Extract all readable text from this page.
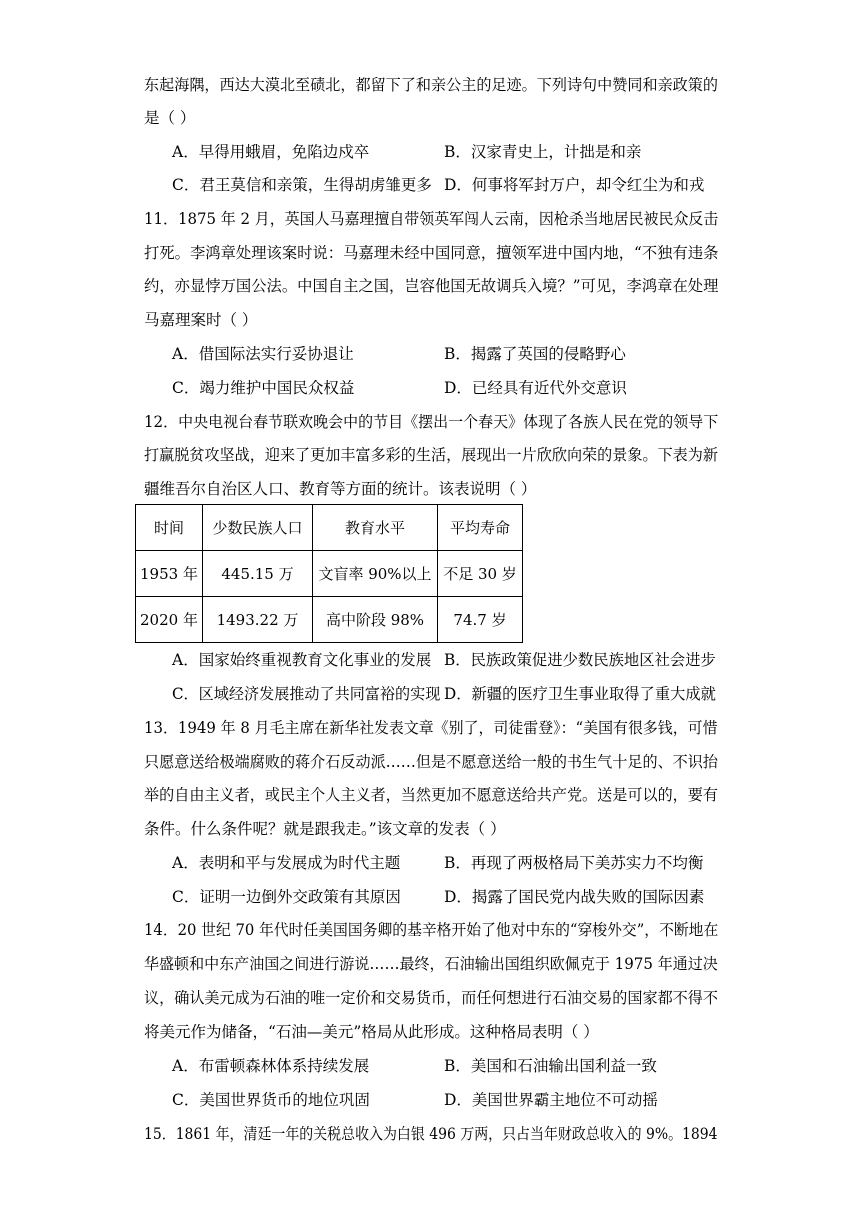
东起海隅，西达大漠北至碛北，都留下了和亲公主的足迹。下列诗句中赞同和亲政策的
是（ ）
A．早得用蛾眉，免陷边戍卒	B．汉家青史上，计拙是和亲
C．君王莫信和亲策，生得胡虏雏更多 D．何事将军封万户，却令红尘为和戎
11．1875 年 2 月，英国人马嘉理擅自带领英军闯人云南，因枪杀当地居民被民众反击
打死。李鸿章处理该案时说：马嘉理未经中国同意，擅领军进中国内地，“不独有违条
约，亦显悖万国公法。中国自主之国，岂容他国无故调兵入境？”可见，李鸿章在处理
马嘉理案时（ ）
A．借国际法实行妥协退让	B．揭露了英国的侵略野心
C．竭力维护中国民众权益	D．已经具有近代外交意识
12．中央电视台春节联欢晚会中的节目《摆出一个春天》体现了各族人民在党的领导下
打赢脱贫攻坚战，迎来了更加丰富多彩的生活，展现出一片欣欣向荣的景象。下表为新
疆维吾尔自治区人口、教育等方面的统计。该表说明（ ）
时间	少数民族人口	教育水平	平均寿命
1953 年	445.15 万	文盲率 90%以上	不足 30 岁
2020 年	1493.22 万	高中阶段 98%	74.7 岁
A．国家始终重视教育文化事业的发展 B．民族政策促进少数民族地区社会进步
C．区域经济发展推动了共同富裕的实现 D．新疆的医疗卫生事业取得了重大成就
13．1949 年 8 月毛主席在新华社发表文章《别了，司徒雷登》：“美国有很多钱，可惜
只愿意送给极端腐败的蒋介石反动派……但是不愿意送给一般的书生气十足的、不识抬
举的自由主义者，或民主个人主义者，当然更加不愿意送给共产党。送是可以的，要有
条件。什么条件呢？就是跟我走。”该文章的发表（ ）
A．表明和平与发展成为时代主题	B．再现了两极格局下美苏实力不均衡
C．证明一边倒外交政策有其原因	D．揭露了国民党内战失败的国际因素
14．20 世纪 70 年代时任美国国务卿的基辛格开始了他对中东的“穿梭外交”，不断地在
华盛顿和中东产油国之间进行游说……最终，石油输出国组织欧佩克于 1975 年通过决
议，确认美元成为石油的唯一定价和交易货币，而任何想进行石油交易的国家都不得不
将美元作为储备，“石油—美元”格局从此形成。这种格局表明（ ）
A．布雷顿森林体系持续发展	B．美国和石油输出国利益一致
C．美国世界货币的地位巩固	D．美国世界霸主地位不可动摇
15．1861 年，清廷一年的关税总收入为白银 496 万两，只占当年财政总收入的 9%。1894
